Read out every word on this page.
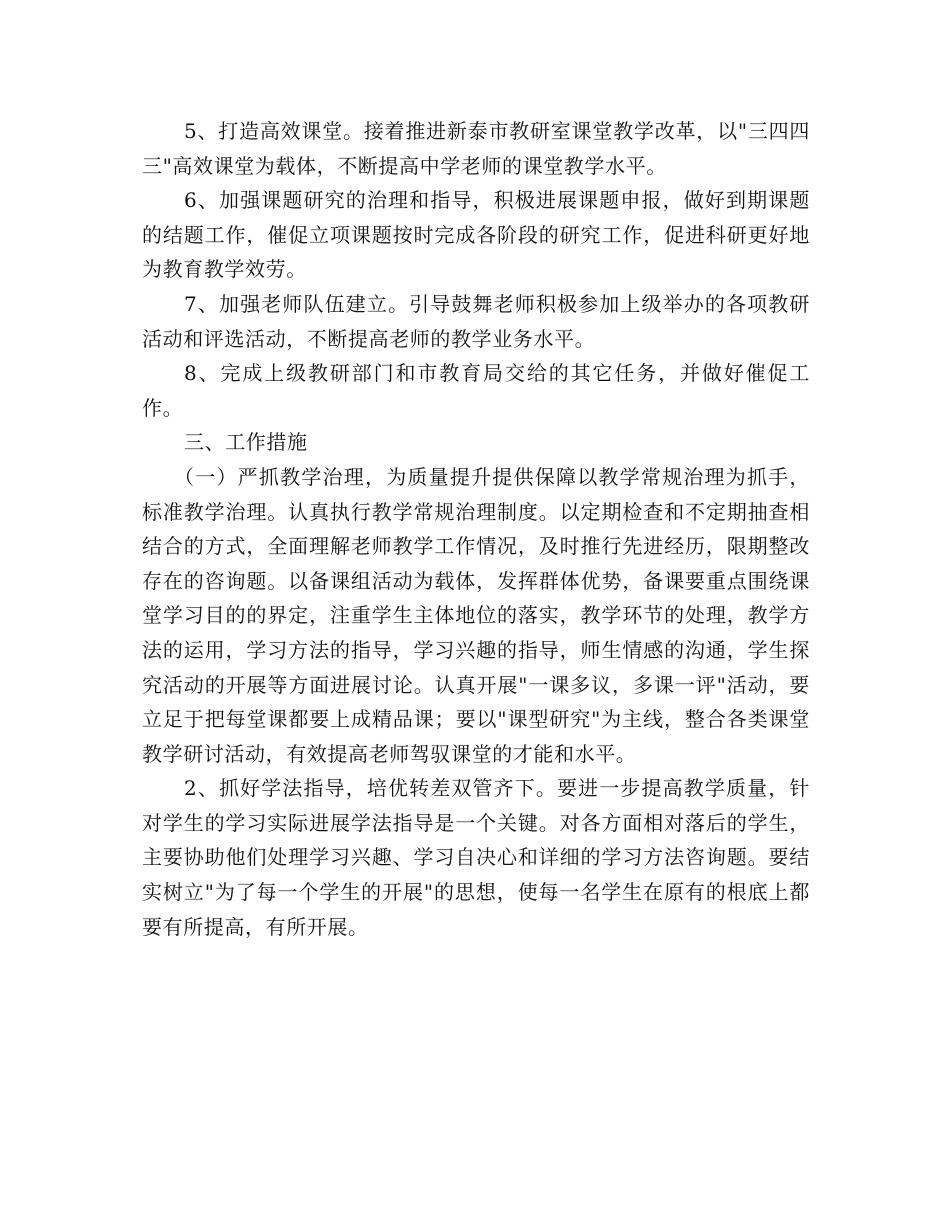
5、打造高效课堂。接着推进新泰市教研室课堂教学改革，以"三四四三"高效课堂为载体，不断提高中学老师的课堂教学水平。

6、加强课题研究的治理和指导，积极进展课题申报，做好到期课题的结题工作，催促立项课题按时完成各阶段的研究工作，促进科研更好地为教育教学效劳。

7、加强老师队伍建立。引导鼓舞老师积极参加上级举办的各项教研活动和评选活动，不断提高老师的教学业务水平。

8、完成上级教研部门和市教育局交给的其它任务，并做好催促工作。

三、工作措施

（一）严抓教学治理，为质量提升提供保障以教学常规治理为抓手，标准教学治理。认真执行教学常规治理制度。以定期检查和不定期抽查相结合的方式，全面理解老师教学工作情况，及时推行先进经历，限期整改存在的咨询题。以备课组活动为载体，发挥群体优势，备课要重点围绕课堂学习目的的界定，注重学生主体地位的落实，教学环节的处理，教学方法的运用，学习方法的指导，学习兴趣的指导，师生情感的沟通，学生探究活动的开展等方面进展讨论。认真开展"一课多议，多课一评"活动，要立足于把每堂课都要上成精品课；要以"课型研究"为主线，整合各类课堂教学研讨活动，有效提高老师驾驭课堂的才能和水平。

2、抓好学法指导，培优转差双管齐下。要进一步提高教学质量，针对学生的学习实际进展学法指导是一个关键。对各方面相对落后的学生，主要协助他们处理学习兴趣、学习自决心和详细的学习方法咨询题。要结实树立"为了每一个学生的开展"的思想，使每一名学生在原有的根底上都要有所提高，有所开展。
